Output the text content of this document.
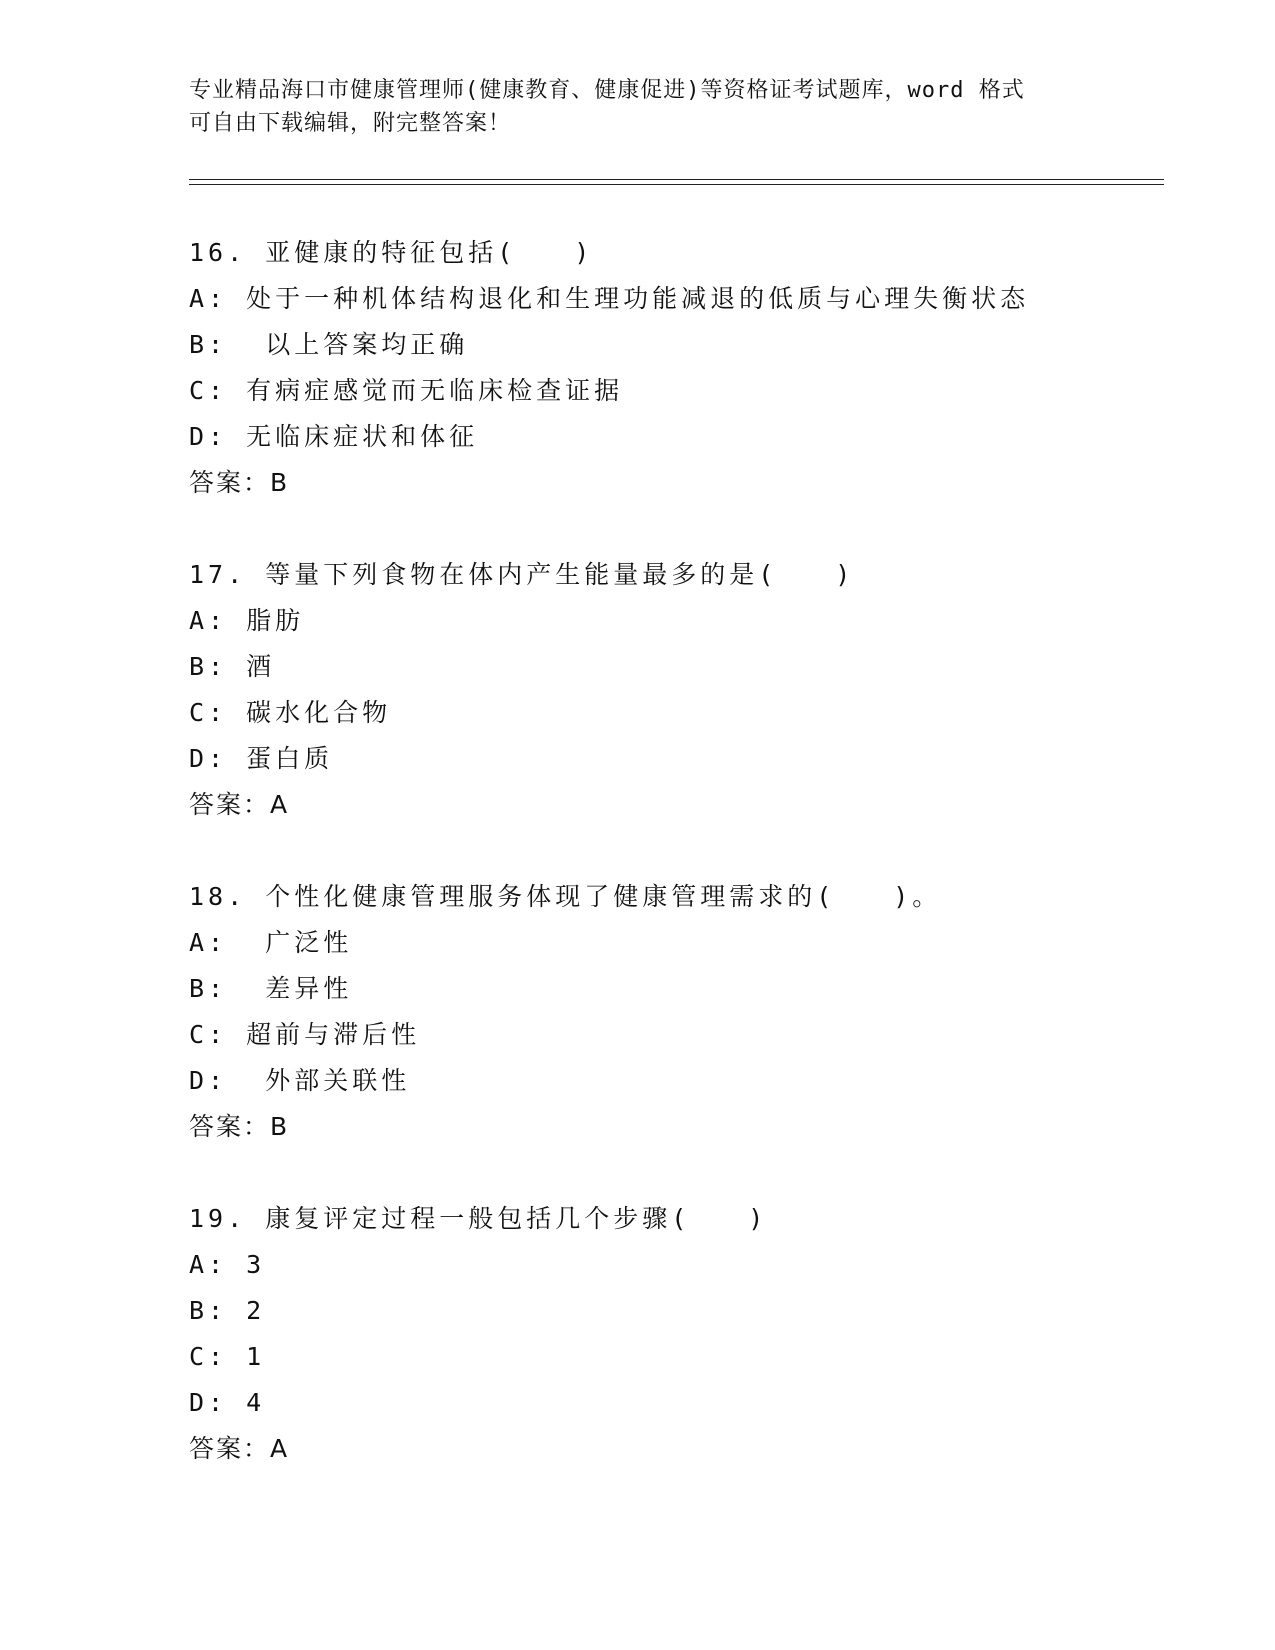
专业精品海口市健康管理师(健康教育、健康促进)等资格证考试题库，word 格式
可自由下载编辑，附完整答案！
16. 亚健康的特征包括(　　)
A: 处于一种机体结构退化和生理功能减退的低质与心理失衡状态
B:  以上答案均正确
C: 有病症感觉而无临床检查证据
D: 无临床症状和体征
答案：B
17. 等量下列食物在体内产生能量最多的是(　　)
A: 脂肪
B: 酒
C: 碳水化合物
D: 蛋白质
答案：A
18. 个性化健康管理服务体现了健康管理需求的(　　)。
A:  广泛性
B:  差异性
C: 超前与滞后性
D:  外部关联性
答案：B
19. 康复评定过程一般包括几个步骤(　　)
A: 3
B: 2
C: 1
D: 4
答案：A
